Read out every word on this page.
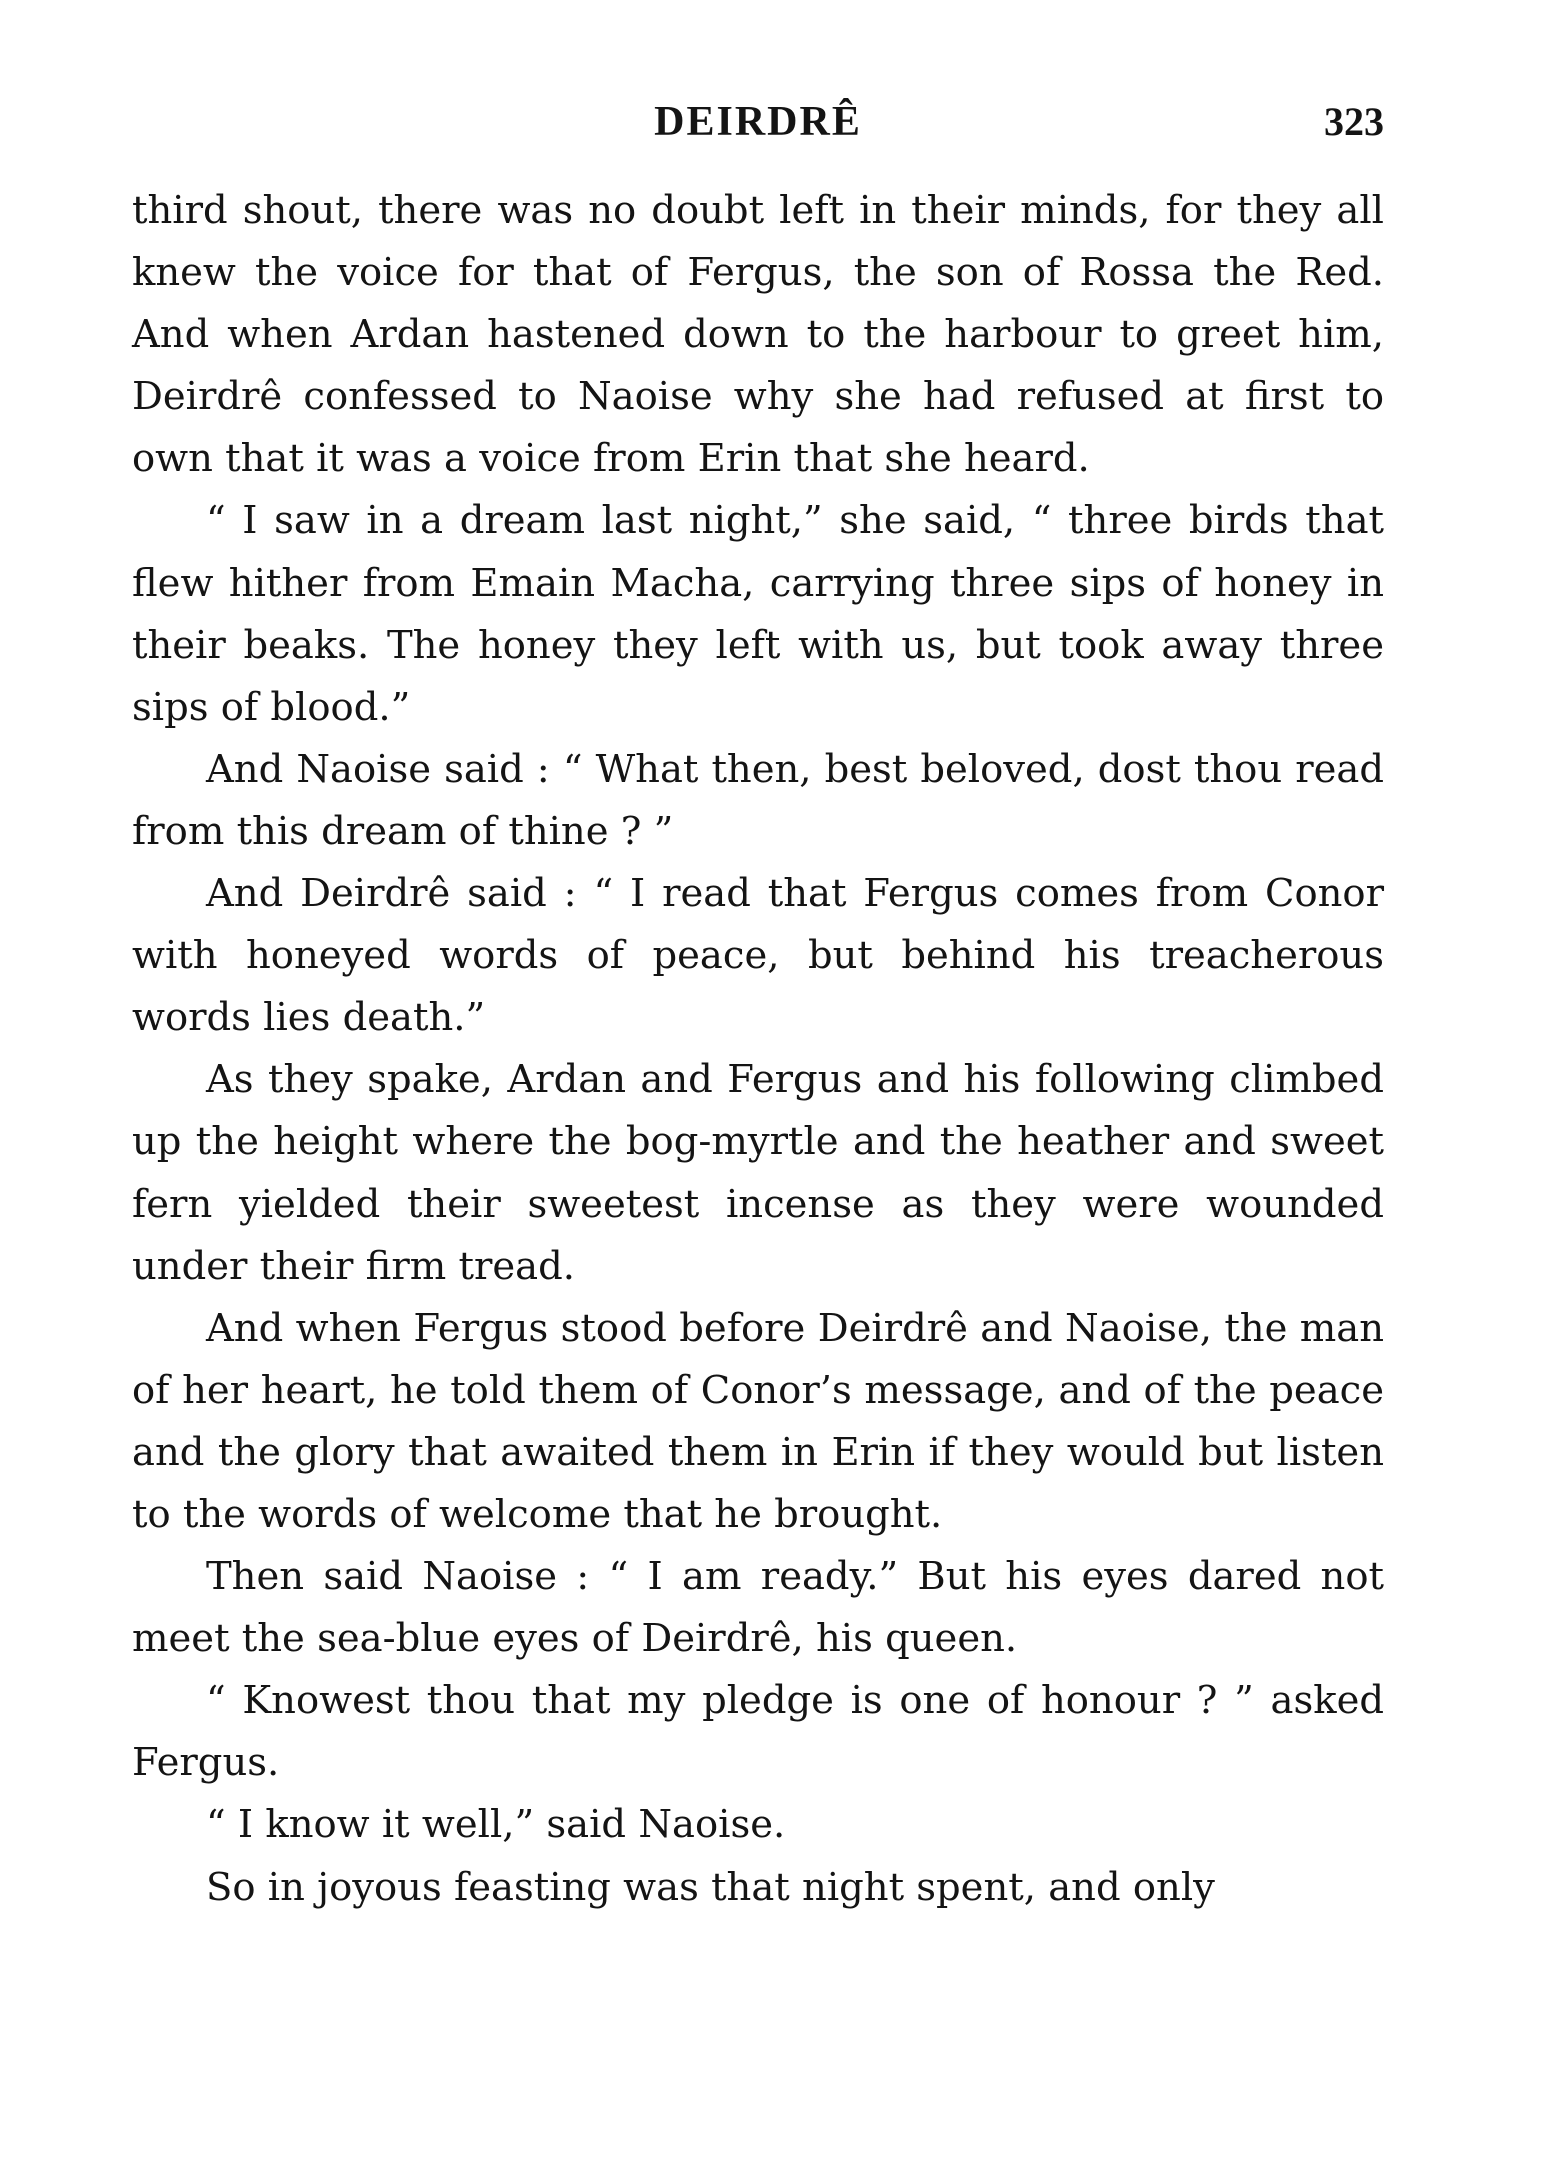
DEIRDRÊ	323

third shout, there was no doubt left in their minds, for they all knew the voice for that of Fergus, the son of Rossa the Red. And when Ardan hastened down to the harbour to greet him, Deirdrê confessed to Naoise why she had refused at first to own that it was a voice from Erin that she heard.

“ I saw in a dream last night,” she said, “ three birds that flew hither from Emain Macha, carrying three sips of honey in their beaks. The honey they left with us, but took away three sips of blood.”

And Naoise said : “ What then, best beloved, dost thou read from this dream of thine ? ”

And Deirdrê said : “ I read that Fergus comes from Conor with honeyed words of peace, but behind his treacherous words lies death.”

As they spake, Ardan and Fergus and his following climbed up the height where the bog-myrtle and the heather and sweet fern yielded their sweetest incense as they were wounded under their firm tread.

And when Fergus stood before Deirdrê and Naoise, the man of her heart, he told them of Conor’s message, and of the peace and the glory that awaited them in Erin if they would but listen to the words of welcome that he brought.

Then said Naoise : “ I am ready.” But his eyes dared not meet the sea-blue eyes of Deirdrê, his queen.

“ Knowest thou that my pledge is one of honour ? ” asked Fergus.

“ I know it well,” said Naoise.

So in joyous feasting was that night spent, and only
